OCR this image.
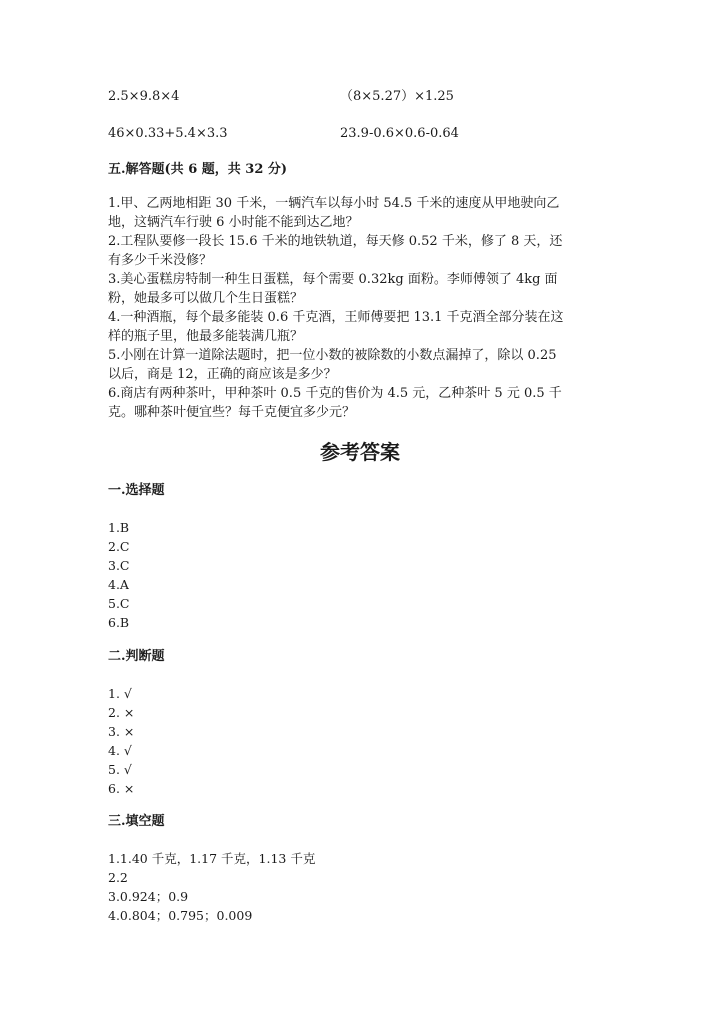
2.5×9.8×4	（8×5.27）×1.25
46×0.33+5.4×3.3	23.9-0.6×0.6-0.64
五.解答题(共 6 题，共 32 分)
1.甲、乙两地相距 30 千米，一辆汽车以每小时 54.5 千米的速度从甲地驶向乙
地，这辆汽车行驶 6 小时能不能到达乙地？
2.工程队要修一段长 15.6 千米的地铁轨道，每天修 0.52 千米，修了 8 天，还
有多少千米没修？
3.美心蛋糕房特制一种生日蛋糕，每个需要 0.32kg 面粉。李师傅领了 4kg 面
粉，她最多可以做几个生日蛋糕？
4.一种酒瓶，每个最多能装 0.6 千克酒，王师傅要把 13.1 千克酒全部分装在这
样的瓶子里，他最多能装满几瓶？
5.小刚在计算一道除法题时，把一位小数的被除数的小数点漏掉了，除以 0.25
以后，商是 12，正确的商应该是多少？
6.商店有两种茶叶，甲种茶叶 0.5 千克的售价为 4.5 元，乙种茶叶 5 元 0.5 千
克。哪种茶叶便宜些？每千克便宜多少元？
参考答案
一.选择题
1.B
2.C
3.C
4.A
5.C
6.B
二.判断题
1. √
2. ×
3. ×
4. √
5. √
6. ×
三.填空题
1.1.40 千克，1.17 千克，1.13 千克
2.2
3.0.924；0.9
4.0.804；0.795；0.009
